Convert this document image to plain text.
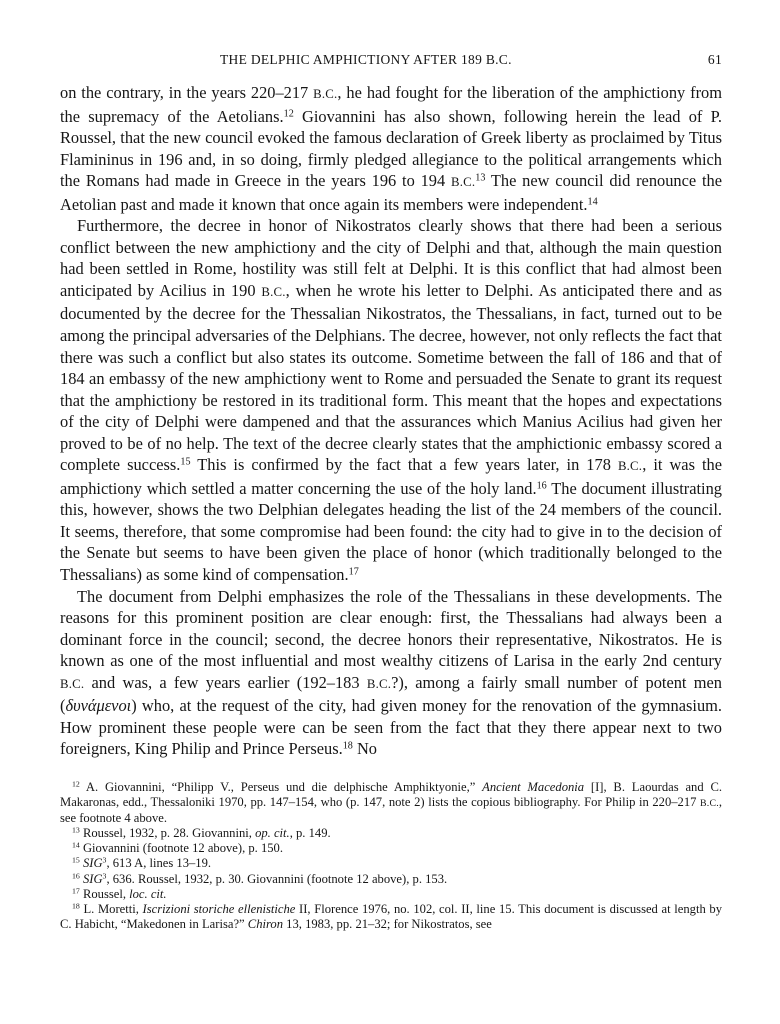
THE DELPHIC AMPHICTIONY AFTER 189 B.C.	61

on the contrary, in the years 220–217 B.C., he had fought for the liberation of the amphictiony from the supremacy of the Aetolians.$^{12}$ Giovannini has also shown, following herein the lead of P. Roussel, that the new council evoked the famous declaration of Greek liberty as proclaimed by Titus Flamininus in 196 and, in so doing, firmly pledged allegiance to the political arrangements which the Romans had made in Greece in the years 196 to 194 B.C.$^{13}$ The new council did renounce the Aetolian past and made it known that once again its members were independent.$^{14}$

Furthermore, the decree in honor of Nikostratos clearly shows that there had been a serious conflict between the new amphictiony and the city of Delphi and that, although the main question had been settled in Rome, hostility was still felt at Delphi. It is this conflict that had almost been anticipated by Acilius in 190 B.C., when he wrote his letter to Delphi. As anticipated there and as documented by the decree for the Thessalian Nikostratos, the Thessalians, in fact, turned out to be among the principal adversaries of the Delphians. The decree, however, not only reflects the fact that there was such a conflict but also states its outcome. Sometime between the fall of 186 and that of 184 an embassy of the new amphictiony went to Rome and persuaded the Senate to grant its request that the amphictiony be restored in its traditional form. This meant that the hopes and expectations of the city of Delphi were dampened and that the assurances which Manius Acilius had given her proved to be of no help. The text of the decree clearly states that the amphictionic embassy scored a complete success.$^{15}$ This is confirmed by the fact that a few years later, in 178 B.C., it was the amphictiony which settled a matter concerning the use of the holy land.$^{16}$ The document illustrating this, however, shows the two Delphian delegates heading the list of the 24 members of the council. It seems, therefore, that some compromise had been found: the city had to give in to the decision of the Senate but seems to have been given the place of honor (which traditionally belonged to the Thessalians) as some kind of compensation.$^{17}$

The document from Delphi emphasizes the role of the Thessalians in these developments. The reasons for this prominent position are clear enough: first, the Thessalians had always been a dominant force in the council; second, the decree honors their representative, Nikostratos. He is known as one of the most influential and most wealthy citizens of Larisa in the early 2nd century B.C. and was, a few years earlier (192–183 B.C.?), among a fairly small number of potent men (δυνάμενοι) who, at the request of the city, had given money for the renovation of the gymnasium. How prominent these people were can be seen from the fact that they there appear next to two foreigners, King Philip and Prince Perseus.$^{18}$ No

$^{12}$ A. Giovannini, “Philipp V., Perseus und die delphische Amphiktyonie,” Ancient Macedonia [I], B. Laourdas and C. Makaronas, edd., Thessaloniki 1970, pp. 147–154, who (p. 147, note 2) lists the copious bibliography. For Philip in 220–217 B.C., see footnote 4 above.

$^{13}$ Roussel, 1932, p. 28. Giovannini, op. cit., p. 149.

$^{14}$ Giovannini (footnote 12 above), p. 150.

$^{15}$ SIG$^3$, 613 A, lines 13–19.

$^{16}$ SIG$^3$, 636. Roussel, 1932, p. 30. Giovannini (footnote 12 above), p. 153.

$^{17}$ Roussel, loc. cit.

$^{18}$ L. Moretti, Iscrizioni storiche ellenistiche II, Florence 1976, no. 102, col. II, line 15. This document is discussed at length by C. Habicht, “Makedonen in Larisa?” Chiron 13, 1983, pp. 21–32; for Nikostratos, see
